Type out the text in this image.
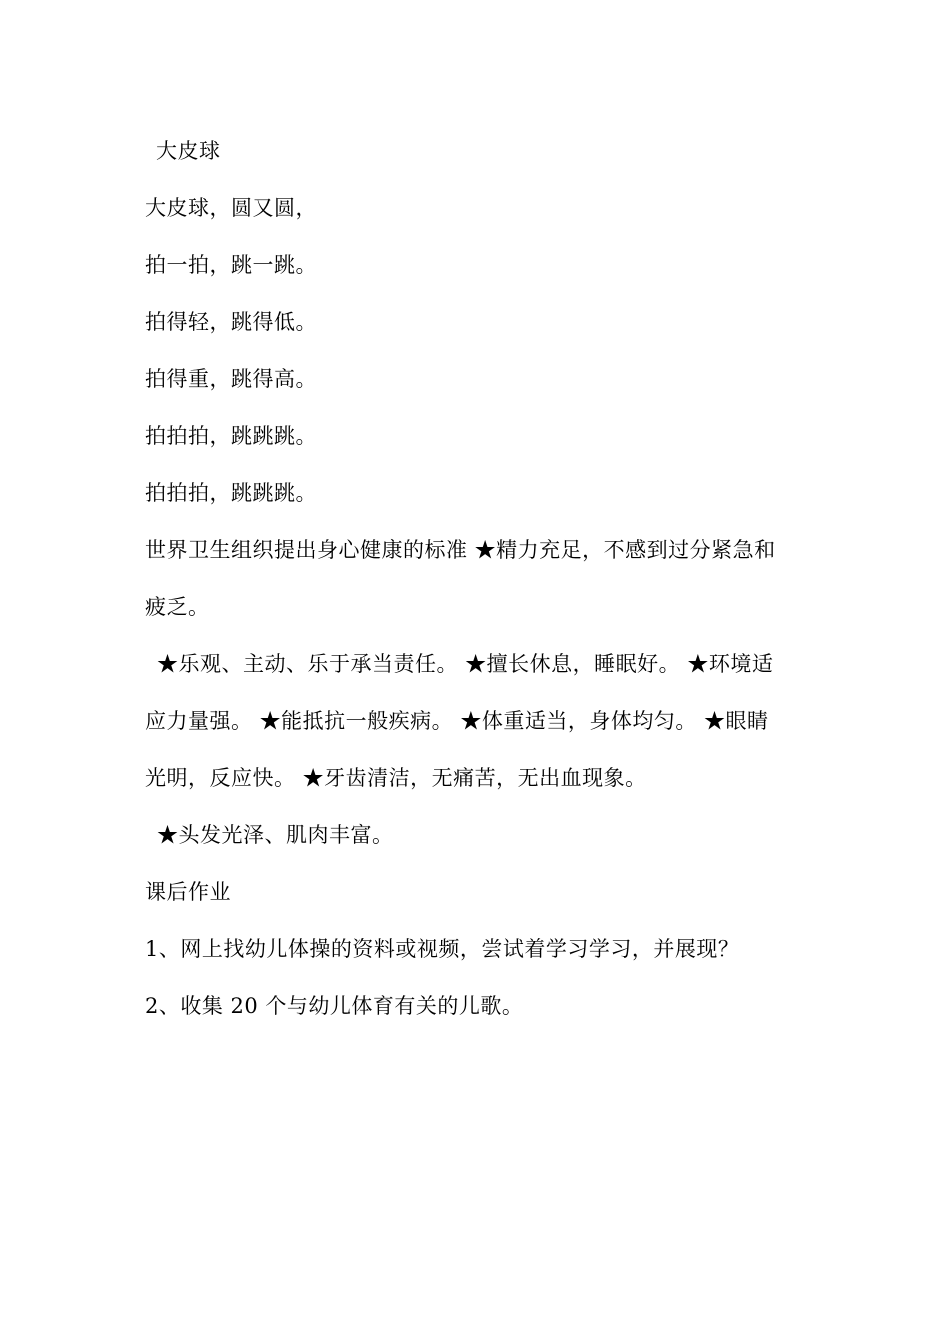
大皮球
大皮球，圆又圆，
拍一拍，跳一跳。
拍得轻，跳得低。
拍得重，跳得高。
拍拍拍，跳跳跳。
拍拍拍，跳跳跳。
世界卫生组织提出身心健康的标准 ★精力充足，不感到过分紧急和
疲乏。
★乐观、主动、乐于承当责任。 ★擅长休息，睡眠好。 ★环境适
应力量强。 ★能抵抗一般疾病。 ★体重适当，身体均匀。 ★眼睛
光明，反应快。 ★牙齿清洁，无痛苦，无出血现象。
★头发光泽、肌肉丰富。
课后作业
1、网上找幼儿体操的资料或视频，尝试着学习学习，并展现？
2、收集 20 个与幼儿体育有关的儿歌。
